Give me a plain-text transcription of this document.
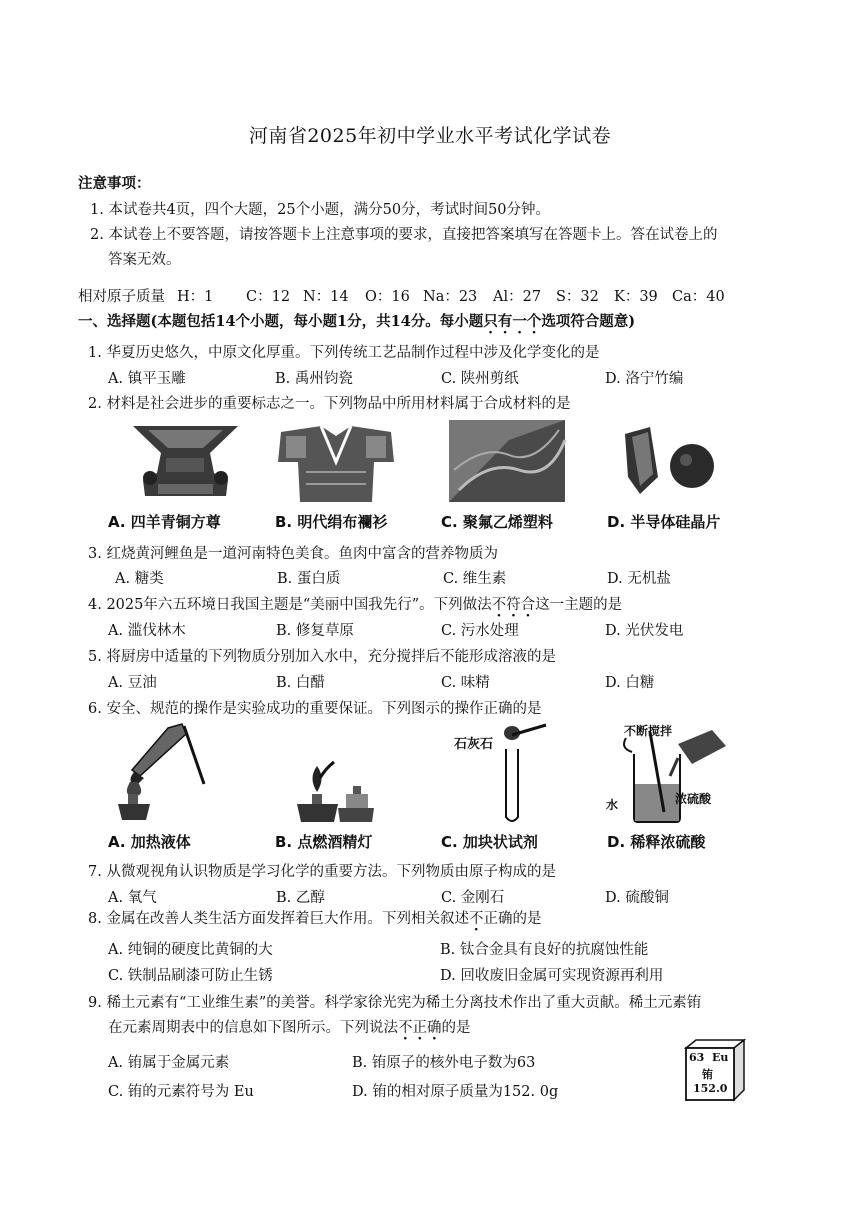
河南省2025年初中学业水平考试化学试卷
注意事项：
1. 本试卷共4页，四个大题，25个小题，满分50分，考试时间50分钟。
2. 本试卷上不要答题，请按答题卡上注意事项的要求，直接把答案填写在答题卡上。答在试卷上的
答案无效。
相对原子质量 H：1 C：12 N：14 O：16 Na：23 Al：27 S：32 K：39 Ca：40
一、选择题(本题包括14个小题，每小题1分，共14分。每小题只有一个选项符合题意)
1. 华夏历史悠久，中原文化厚重。下列传统工艺品制作过程中涉及化学变化的是
A. 镇平玉雕	B. 禹州钧瓷	C. 陕州剪纸	D. 洛宁竹编
2. 材料是社会进步的重要标志之一。下列物品中所用材料属于合成材料的是
A. 四羊青铜方尊	B. 明代绢布襴衫	C. 聚氟乙烯塑料	D. 半导体硅晶片
3. 红烧黄河鲤鱼是一道河南特色美食。鱼肉中富含的营养物质为
A. 糖类	B. 蛋白质	C. 维生素	D. 无机盐
4. 2025年六五环境日我国主题是“美丽中国我先行”。下列做法不符合这一主题的是
A. 滥伐林木	B. 修复草原	C. 污水处理	D. 光伏发电
5. 将厨房中适量的下列物质分别加入水中，充分搅拌后不能形成溶液的是
A. 豆油	B. 白醋	C. 味精	D. 白糖
6. 安全、规范的操作是实验成功的重要保证。下列图示的操作正确的是
不断搅拌
水	浓硫酸
石灰石
A. 加热液体	B. 点燃酒精灯	C. 加块状试剂	D. 稀释浓硫酸
7. 从微观视角认识物质是学习化学的重要方法。下列物质由原子构成的是
A. 氧气	B. 乙醇	C. 金刚石	D. 硫酸铜
8. 金属在改善人类生活方面发挥着巨大作用。下列相关叙述不正确的是
A. 纯铜的硬度比黄铜的大	B. 钛合金具有良好的抗腐蚀性能
C. 铁制品刷漆可防止生锈	D. 回收废旧金属可实现资源再利用
9. 稀土元素有“工业维生素”的美誉。科学家徐光宪为稀土分离技术作出了重大贡献。稀土元素铕
在元素周期表中的信息如下图所示。下列说法不正确的是
A. 铕属于金属元素	B. 铕原子的核外电子数为63
C. 铕的元素符号为 Eu	D. 铕的相对原子质量为152. 0g
63 Eu
铕
152.0
